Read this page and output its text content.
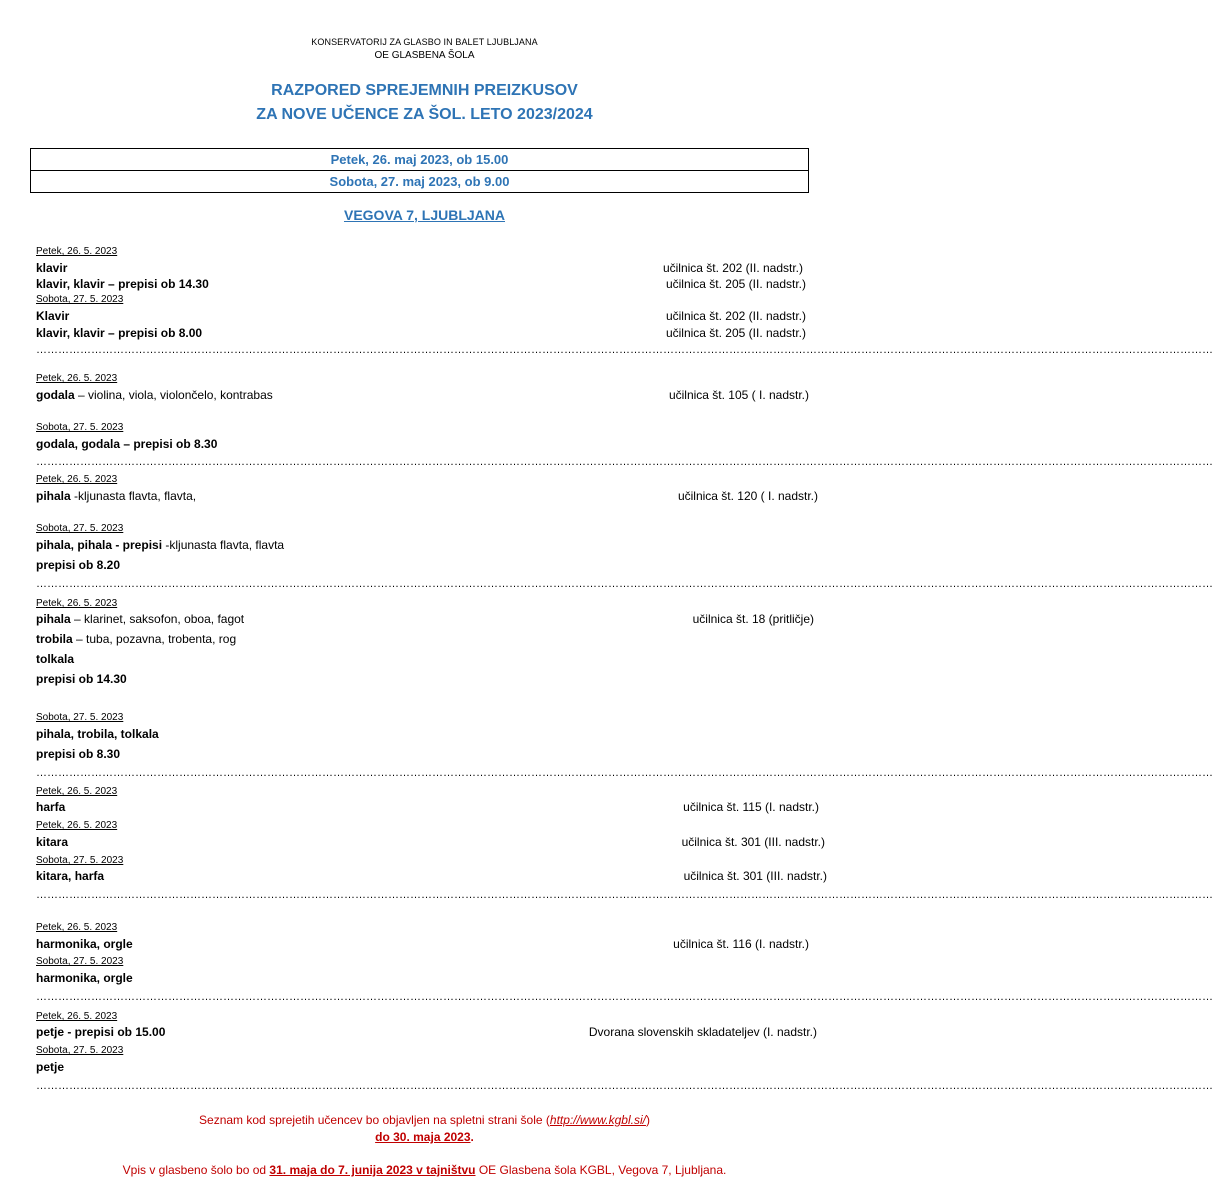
KONSERVATORIJ ZA GLASBO IN BALET LJUBLJANA
OE GLASBENA ŠOLA
RAZPORED SPREJEMNIH PREIZKUSOV
ZA NOVE UČENCE ZA ŠOL. LETO 2023/2024
Petek, 26. maj 2023, ob 15.00
Sobota, 27. maj 2023, ob 9.00
VEGOVA 7, LJUBLJANA
Petek, 26. 5. 2023
klavir	učilnica št. 202 (II. nadstr.)
klavir, klavir – prepisi ob 14.30	učilnica št. 205 (II. nadstr.)
Sobota, 27. 5. 2023
Klavir	učilnica št. 202 (II. nadstr.)
klavir, klavir – prepisi ob 8.00	učilnica št. 205 (II. nadstr.)
……………………………………………………………………………………………………………………………………………………………………………………………………………………………………………………………………………………………
Petek, 26. 5. 2023
godala – violina, viola, violončelo, kontrabas	učilnica št. 105 ( I. nadstr.)
Sobota, 27. 5. 2023
godala, godala – prepisi ob 8.30
……………………………………………………………………………………………………………………………………………………………………………………………………………………………………………………………………………………………
Petek, 26. 5. 2023
pihala -kljunasta flavta, flavta,	učilnica št. 120 ( I. nadstr.)
Sobota, 27. 5. 2023
pihala, pihala - prepisi -kljunasta flavta, flavta
prepisi ob 8.20
……………………………………………………………………………………………………………………………………………………………………………………………………………………………………………………………………………………………
Petek, 26. 5. 2023
pihala – klarinet, saksofon, oboa, fagot	učilnica št. 18 (pritličje)
trobila – tuba, pozavna, trobenta, rog
tolkala
prepisi ob 14.30
Sobota, 27. 5. 2023
pihala, trobila, tolkala
prepisi ob 8.30
……………………………………………………………………………………………………………………………………………………………………………………………………………………………………………………………………………………………
Petek, 26. 5. 2023
harfa	učilnica št. 115 (I. nadstr.)
Petek, 26. 5. 2023
kitara	učilnica št. 301 (III. nadstr.)
Sobota, 27. 5. 2023
kitara, harfa	učilnica št. 301 (III. nadstr.)
……………………………………………………………………………………………………………………………………………………………………………………………………………………………………………………………………………………………
Petek, 26. 5. 2023
harmonika, orgle	učilnica št. 116 (I. nadstr.)
Sobota, 27. 5. 2023
harmonika, orgle
……………………………………………………………………………………………………………………………………………………………………………………………………………………………………………………………………………………………
Petek, 26. 5. 2023
petje - prepisi ob 15.00	Dvorana slovenskih skladateljev (I. nadstr.)
Sobota, 27. 5. 2023
petje
……………………………………………………………………………………………………………………………………………………………………………………………………………………………………………………………………………………………
Seznam kod sprejetih učencev bo objavljen na spletni strani šole (http://www.kgbl.si/)
do 30. maja 2023.
Vpis v glasbeno šolo bo od 31. maja do 7. junija 2023 v tajništvu OE Glasbena šola KGBL, Vegova 7, Ljubljana.
